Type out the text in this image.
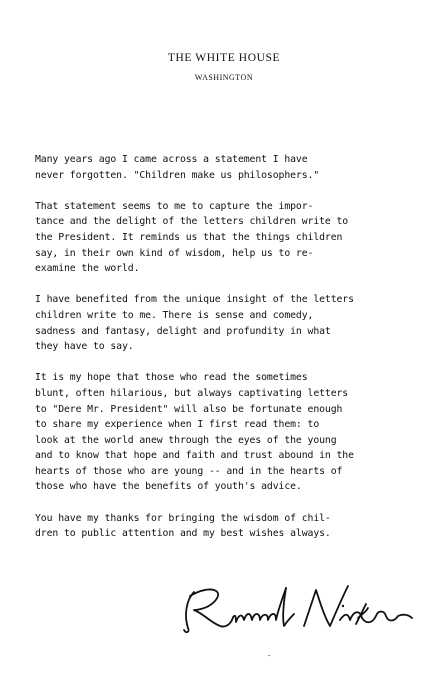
THE WHITE HOUSE
WASHINGTON
Many years ago I came across a statement I have
never forgotten. "Children make us philosophers."
That statement seems to me to capture the impor-
tance and the delight of the letters children write to
the President. It reminds us that the things children
say, in their own kind of wisdom, help us to re-
examine the world.
I have benefited from the unique insight of the letters
children write to me. There is sense and comedy,
sadness and fantasy, delight and profundity in what
they have to say.
It is my hope that those who read the sometimes
blunt, often hilarious, but always captivating letters
to "Dere Mr. President" will also be fortunate enough
to share my experience when I first read them: to
look at the world anew through the eyes of the young
and to know that hope and faith and trust abound in the
hearts of those who are young -- and in the hearts of
those who have the benefits of youth's advice.
You have my thanks for bringing the wisdom of chil-
dren to public attention and my best wishes always.
-
